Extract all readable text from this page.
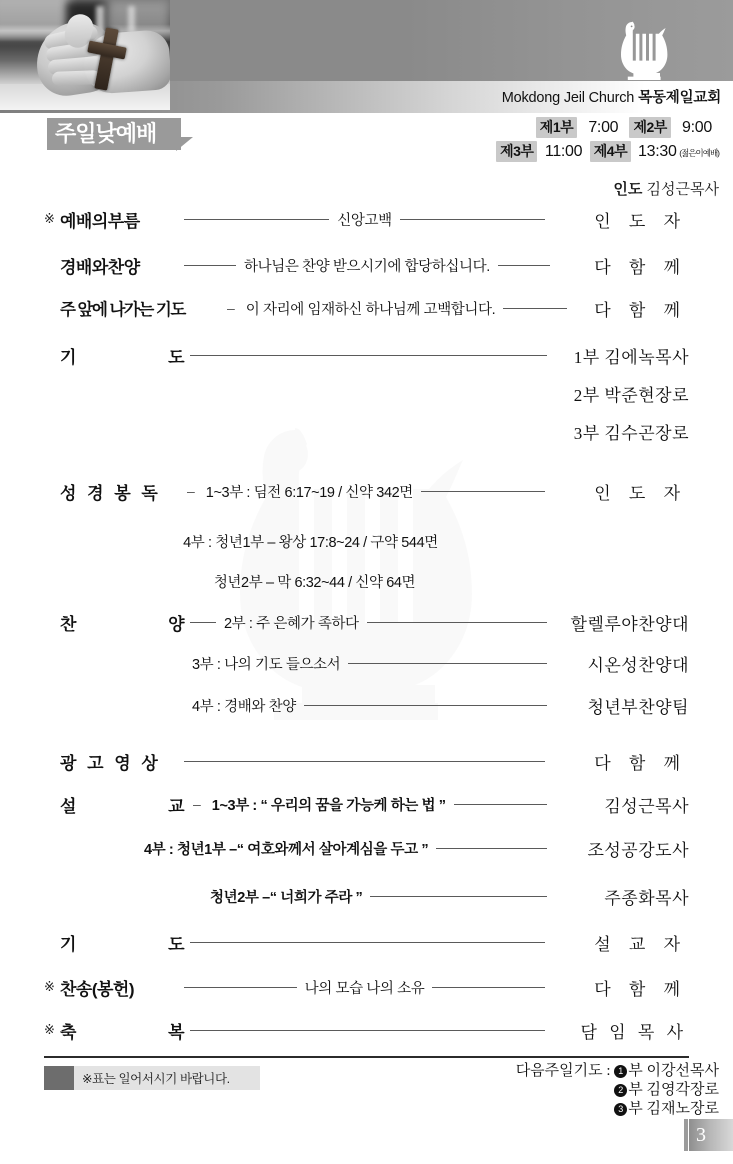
Mokdong Jeil Church 목동제일교회
주일낮예배	제1부 7:00 제2부 9:00
제3부 11:00 제4부 13:30 (젊은이예배)
인도 김성근목사
※ 예배의부름	신앙고백	인 도 자
경배와찬양	하나님은 찬양 받으시기에 합당하십니다.	다 함 께
주 앞에 나가는 기도	– 이 자리에 임재하신 하나님께 고백합니다.	다 함 께
기	도	1부 김에녹목사
2부 박준현장로
3부 김수곤장로
성 경 봉 독	– 1~3부 : 딤전 6:17~19 / 신약 342면	인 도 자
4부 : 청년1부 – 왕상 17:8~24 / 구약 544면
청년2부 – 막 6:32~44 / 신약 64면
찬	양	2부 : 주 은혜가 족하다	할렐루야찬양대
3부 : 나의 기도 들으소서	시온성찬양대
4부 : 경배와 찬양	청년부찬양팀
광 고 영 상	다 함 께
설	교 – 1~3부 : “ 우리의 꿈을 가능케 하는 법 ”	김성근목사
4부 : 청년1부 –“ 여호와께서 살아계심을 두고 ”	조성공강도사
청년2부 –“ 너희가 주라 ”	주종화목사
기	도	설 교 자
※ 찬송(봉헌)	나의 모습 나의 소유	다 함 께
※ 축	복	담 임 목 사
※표는 일어서시기 바랍니다.	다음주일기도 : 1 부 이강선목사
2 부 김영각장로
3 부 김재노장로
3
